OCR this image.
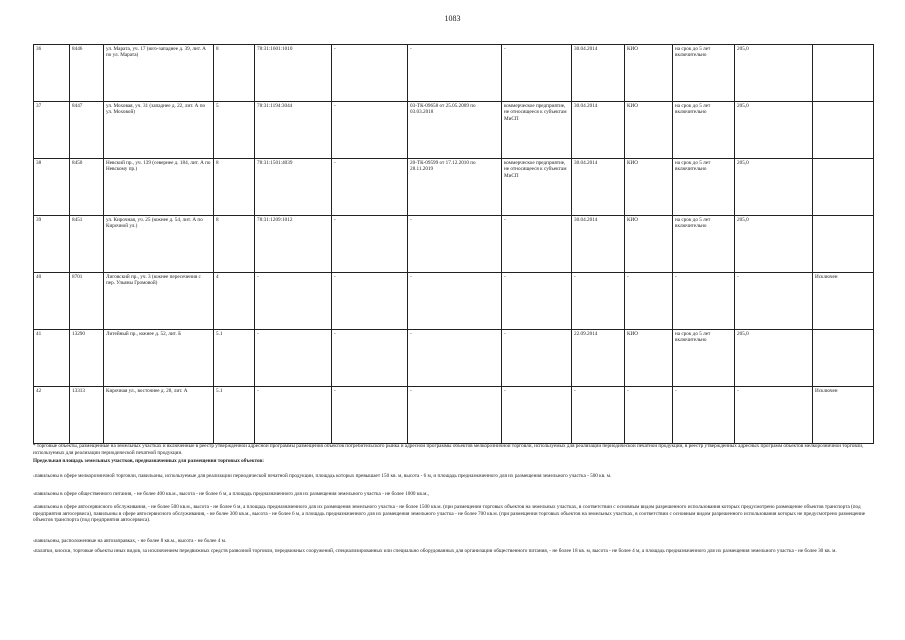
1083
36	8446	ул. Марата, уч. 17 (юго-западнее д. 39, лит. А по ул. Марата)	8	78:31:1601:1010	-	-	-	30.04.2014	КИО	на срок до 5 лет включительно	205,0	
37	8447	ул. Моховая, уч. 31 (западнее д. 22, лит. А по ул. Моховой)	5	78:31:1194:3044	-	03-ТК-09658 от 25.05.2009 по 03.03.2018	коммерческое предприятие, не относящееся к субъектам МиСП	30.04.2014	КИО	на срок до 5 лет включительно	205,0	
38	8450	Невский пр., уч. 139 (севернее д. 184, лит. А по Невскому пр.)	8	78:31:1501:4039	-	20-ТК-09599 от 17.12.2010 по 28.11.2019	коммерческое предприятие, не относящееся к субъектам МиСП	30.04.2014	КИО	на срок до 5 лет включительно	205,0	
39	8451	ул. Кирочная, уч. 25 (южнее д. 54, лит. А по Кирочной ул.)	8	78:31:1209:1012	-	-	-	30.04.2014	КИО	на срок до 5 лет включительно	205,0	
40	8701	Лиговский пр., уч. 3 (южнее пересечения с пер. Ульяны Громовой)	4	-	-	-	-	-	-	-	-	Исключен
41	13290	Литейный пр., южнее д. 52, лит. Б	5.1	-	-	-	-	22.09.2014	КИО	на срок до 5 лет включительно	205,0	
42	13313	Кирочная ул., восточнее д. 28, лит. А	5.1	-	-	-	-	-	-	-	-	Исключен

* торговые объекты, размещенные на земельных участках и включенные в реестр утвержденной адресной программы размещения объектов потребительского рынка и адресной программы объектов мелкорозничной торговли, используемых для реализации периодической печатной продукции, в реестр утвержденных адресных программ объектов мелкорозничной торговли, используемых для реализации периодической печатной продукции.

Предельная площадь земельных участков, предназначенных для размещения торговых объектов:

$^1$павильоны в сфере мелкорозничной торговли, павильоны, используемые для реализации периодической печатной продукции, площадь которых превышает 150 кв. м, высота - 6 м, и площадь предназначенного для их размещения земельного участка - 500 кв. м.

$^3$павильоны в сфере общественного питания, - не более 400 кв.м., высота - не более 6 м, а площадь предназначенного для их размещения земельного участка - не более 1000 кв.м.,

$^4$павильоны в сфере автосервисного обслуживания, - не более 500 кв.м., высота - не более 6 м, а площадь предназначенного для их размещения земельного участка - не более 1500 кв.м. (при размещении торговых объектов на земельных участках, в соответствии с основным видом разрешенного использования которых предусмотрено размещение объектов транспорта (под предприятия автосервиса), павильоны в сфере автосервисного обслуживания, - не более 300 кв.м., высота - не более 6 м, а площадь предназначенного для их размещения земельного участка - не более 700 кв.м. (при размещении торговых объектов на земельных участках, в соответствии с основным видом разрешенного использования которых не предусмотрено размещение объектов транспорта (под предприятия автосервиса).

$^5$павильоны, расположенные на автозаправках, - не более 8 кв.м., высота - не более 4 м.

$^5$палатки, киоски, торговые объекты иных видов, за исключением передвижных средств развозной торговли, передвижных сооружений, специализированных или специально оборудованных для организации общественного питания, - не более 18 кв. м, высота - не более 4 м, а площадь предназначенного для их размещения земельного участка - не более 30 кв. м.
